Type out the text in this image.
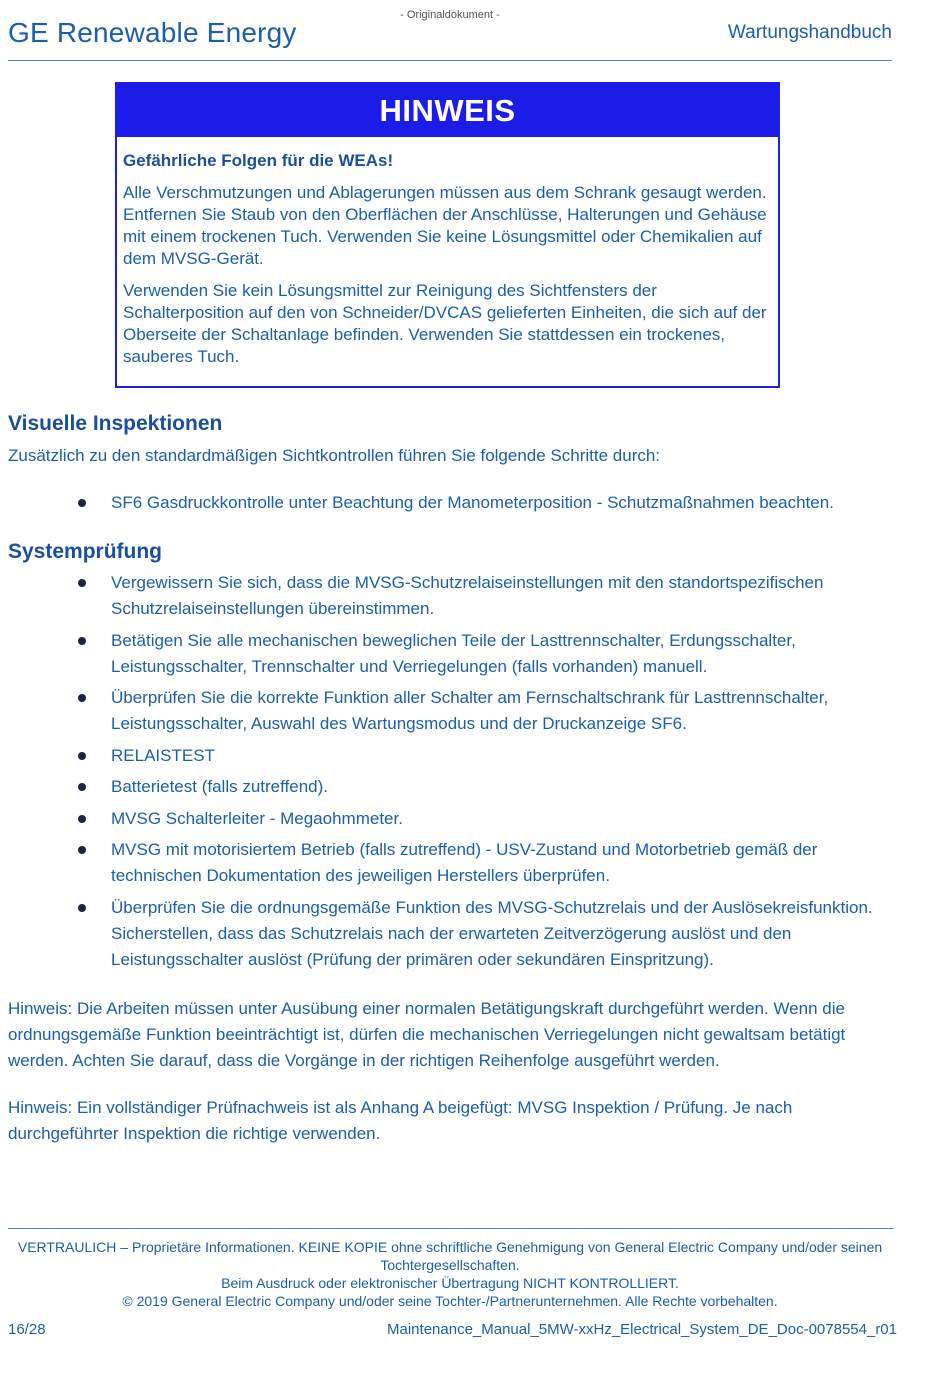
- Originaldokument -
GE Renewable Energy	Wartungshandbuch
HINWEIS
Gefährliche Folgen für die WEAs!

Alle Verschmutzungen und Ablagerungen müssen aus dem Schrank gesaugt werden. Entfernen Sie Staub von den Oberflächen der Anschlüsse, Halterungen und Gehäuse mit einem trockenen Tuch. Verwenden Sie keine Lösungsmittel oder Chemikalien auf dem MVSG-Gerät.

Verwenden Sie kein Lösungsmittel zur Reinigung des Sichtfensters der Schalterposition auf den von Schneider/DVCAS gelieferten Einheiten, die sich auf der Oberseite der Schaltanlage befinden. Verwenden Sie stattdessen ein trockenes, sauberes Tuch.

Visuelle Inspektionen
Zusätzlich zu den standardmäßigen Sichtkontrollen führen Sie folgende Schritte durch:
SF6 Gasdruckkontrolle unter Beachtung der Manometerposition - Schutzmaßnahmen beachten.
Systemprüfung
Vergewissern Sie sich, dass die MVSG-Schutzrelaiseinstellungen mit den standortspezifischen Schutzrelaiseinstellungen übereinstimmen.
Betätigen Sie alle mechanischen beweglichen Teile der Lasttrennschalter, Erdungsschalter, Leistungsschalter, Trennschalter und Verriegelungen (falls vorhanden) manuell.
Überprüfen Sie die korrekte Funktion aller Schalter am Fernschaltschrank für Lasttrennschalter, Leistungsschalter, Auswahl des Wartungsmodus und der Druckanzeige SF6.
RELAISTEST
Batterietest (falls zutreffend).
MVSG Schalterleiter - Megaohmmeter.
MVSG mit motorisiertem Betrieb (falls zutreffend) - USV-Zustand und Motorbetrieb gemäß der technischen Dokumentation des jeweiligen Herstellers überprüfen.
Überprüfen Sie die ordnungsgemäße Funktion des MVSG-Schutzrelais und der Auslösekreisfunktion. Sicherstellen, dass das Schutzrelais nach der erwarteten Zeitverzögerung auslöst und den Leistungsschalter auslöst (Prüfung der primären oder sekundären Einspritzung).
Hinweis: Die Arbeiten müssen unter Ausübung einer normalen Betätigungskraft durchgeführt werden. Wenn die ordnungsgemäße Funktion beeinträchtigt ist, dürfen die mechanischen Verriegelungen nicht gewaltsam betätigt werden. Achten Sie darauf, dass die Vorgänge in der richtigen Reihenfolge ausgeführt werden.
Hinweis: Ein vollständiger Prüfnachweis ist als Anhang A beigefügt: MVSG Inspektion / Prüfung. Je nach durchgeführter Inspektion die richtige verwenden.
VERTRAULICH – Proprietäre Informationen. KEINE KOPIE ohne schriftliche Genehmigung von General Electric Company und/oder seinen Tochtergesellschaften.
Beim Ausdruck oder elektronischer Übertragung NICHT KONTROLLIERT.
© 2019 General Electric Company und/oder seine Tochter-/Partnerunternehmen. Alle Rechte vorbehalten.
16/28	Maintenance_Manual_5MW-xxHz_Electrical_System_DE_Doc-0078554_r01
